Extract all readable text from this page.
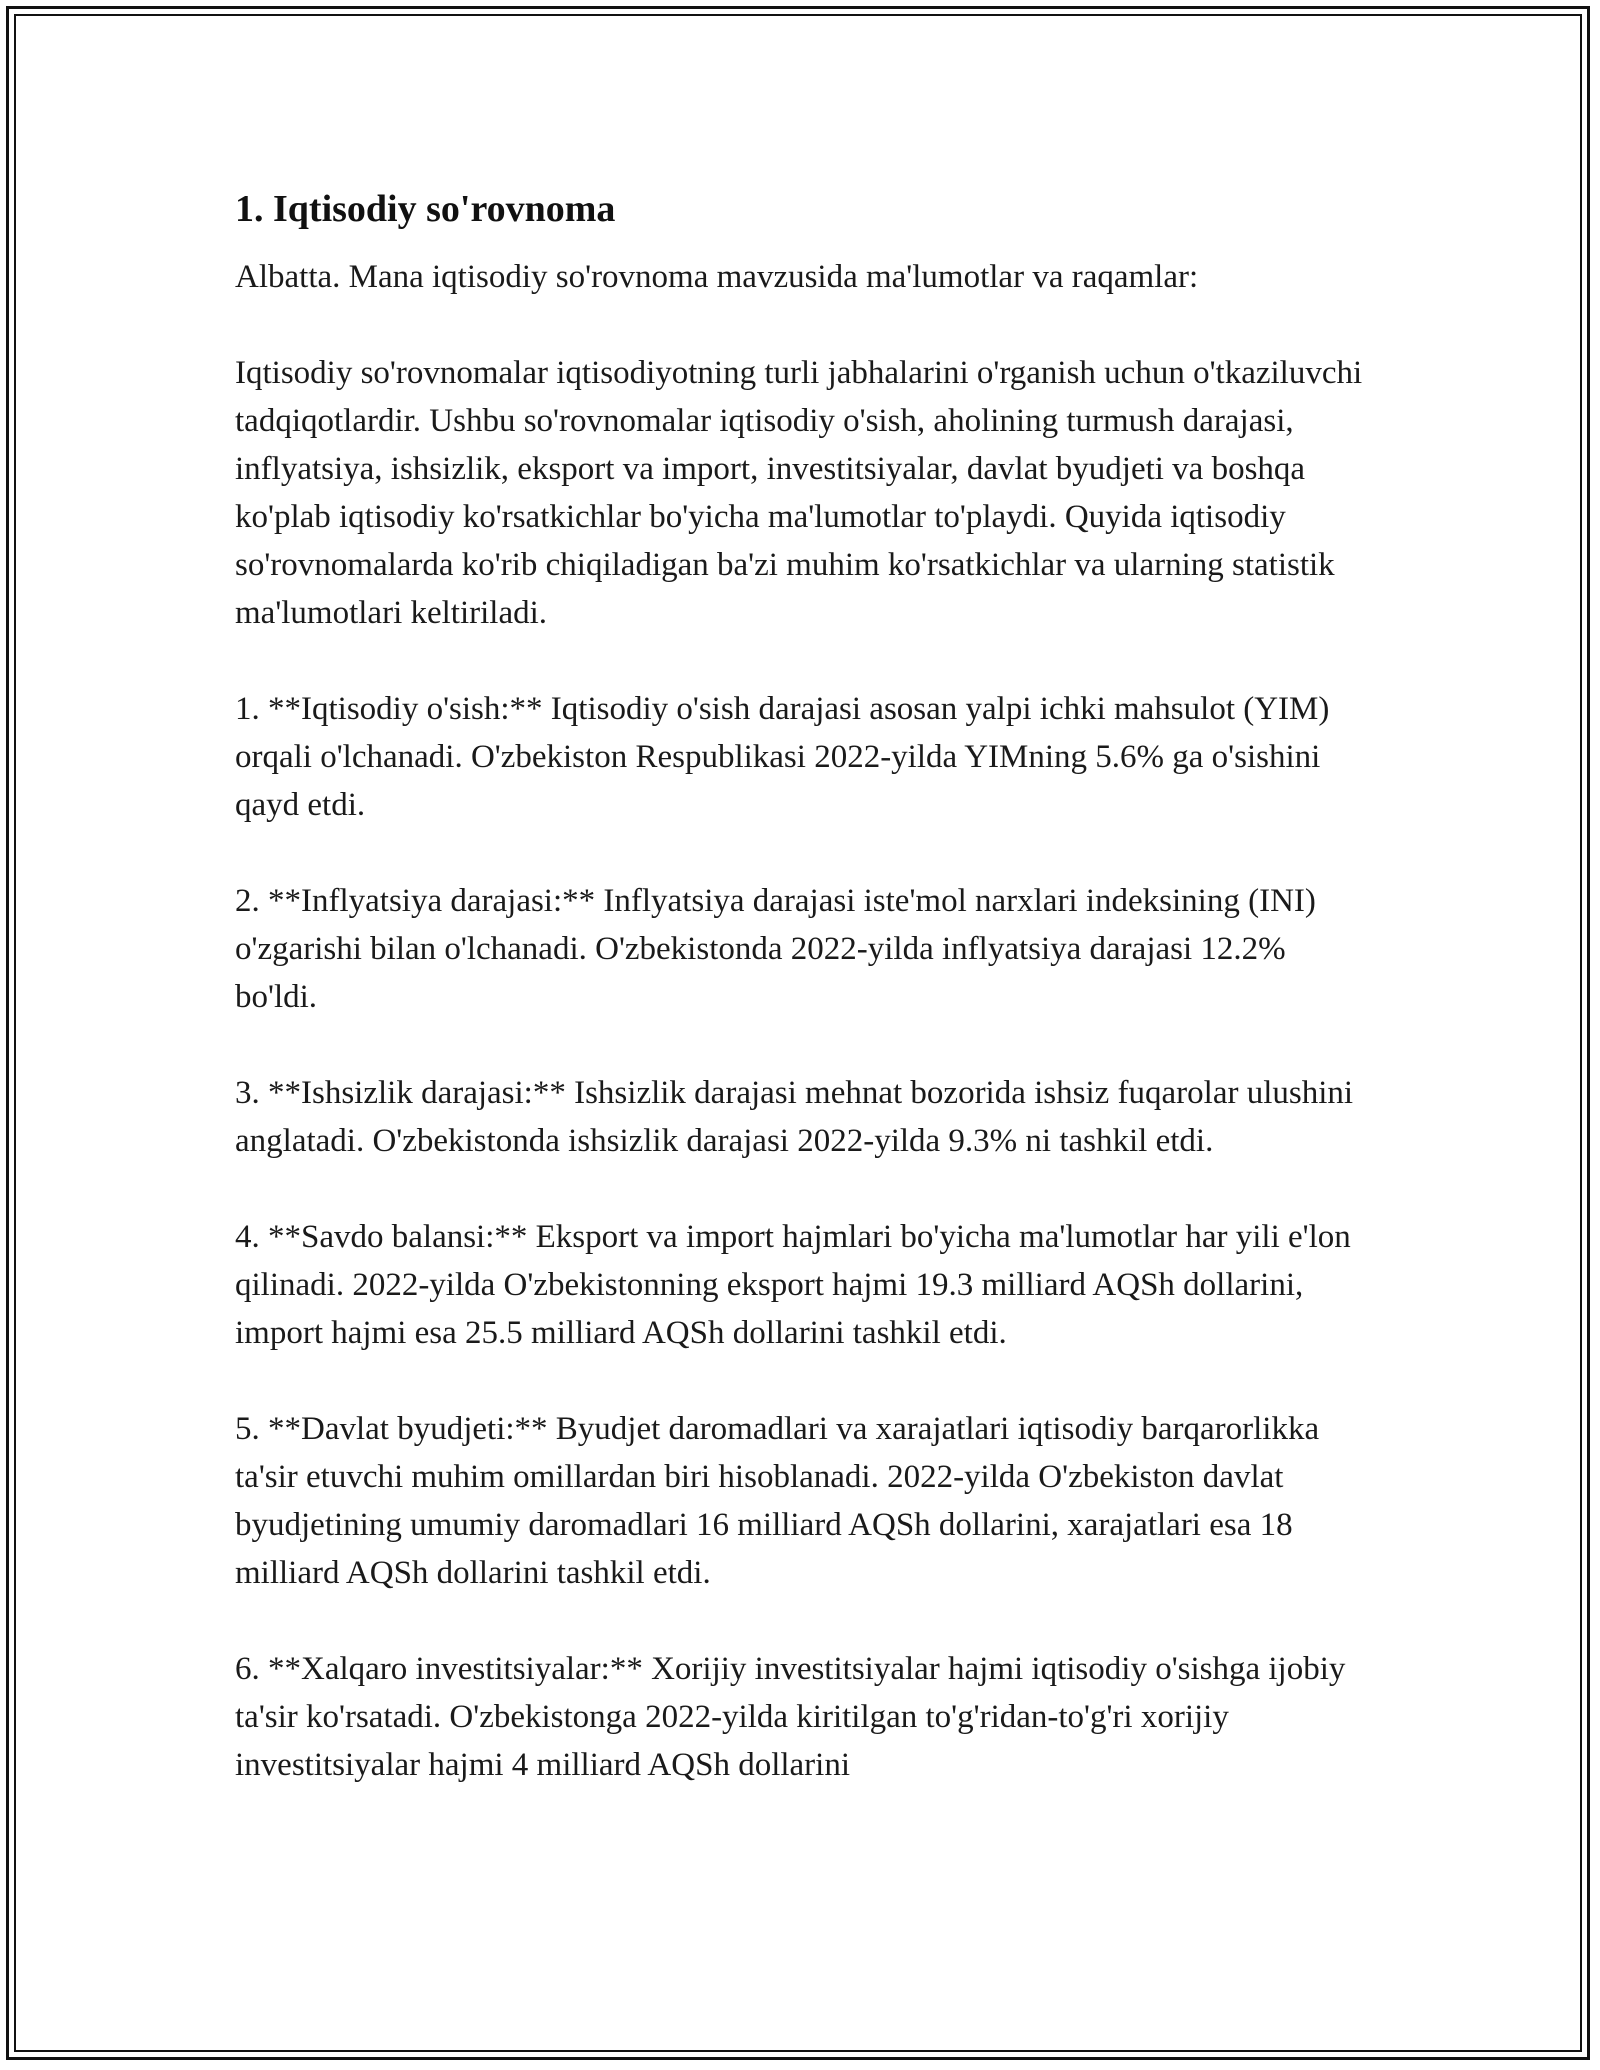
1. Iqtisodiy so'rovnoma

Albatta. Mana iqtisodiy so'rovnoma mavzusida ma'lumotlar va raqamlar:

Iqtisodiy so'rovnomalar iqtisodiyotning turli jabhalarini o'rganish uchun o'tkaziluvchi tadqiqotlardir. Ushbu so'rovnomalar iqtisodiy o'sish, aholining turmush darajasi, inflyatsiya, ishsizlik, eksport va import, investitsiyalar, davlat byudjeti va boshqa ko'plab iqtisodiy ko'rsatkichlar bo'yicha ma'lumotlar to'playdi. Quyida iqtisodiy so'rovnomalarda ko'rib chiqiladigan ba'zi muhim ko'rsatkichlar va ularning statistik ma'lumotlari keltiriladi.

1. **Iqtisodiy o'sish:** Iqtisodiy o'sish darajasi asosan yalpi ichki mahsulot (YIM) orqali o'lchanadi. O'zbekiston Respublikasi 2022-yilda YIMning 5.6% ga o'sishini qayd etdi.

2. **Inflyatsiya darajasi:** Inflyatsiya darajasi iste'mol narxlari indeksining (INI) o'zgarishi bilan o'lchanadi. O'zbekistonda 2022-yilda inflyatsiya darajasi 12.2% bo'ldi.

3. **Ishsizlik darajasi:** Ishsizlik darajasi mehnat bozorida ishsiz fuqarolar ulushini anglatadi. O'zbekistonda ishsizlik darajasi 2022-yilda 9.3% ni tashkil etdi.

4. **Savdo balansi:** Eksport va import hajmlari bo'yicha ma'lumotlar har yili e'lon qilinadi. 2022-yilda O'zbekistonning eksport hajmi 19.3 milliard AQSh dollarini, import hajmi esa 25.5 milliard AQSh dollarini tashkil etdi.

5. **Davlat byudjeti:** Byudjet daromadlari va xarajatlari iqtisodiy barqarorlikka ta'sir etuvchi muhim omillardan biri hisoblanadi. 2022-yilda O'zbekiston davlat byudjetining umumiy daromadlari 16 milliard AQSh dollarini, xarajatlari esa 18 milliard AQSh dollarini tashkil etdi.

6. **Xalqaro investitsiyalar:** Xorijiy investitsiyalar hajmi iqtisodiy o'sishga ijobiy ta'sir ko'rsatadi. O'zbekistonga 2022-yilda kiritilgan to'g'ridan-to'g'ri xorijiy investitsiyalar hajmi 4 milliard AQSh dollarini
